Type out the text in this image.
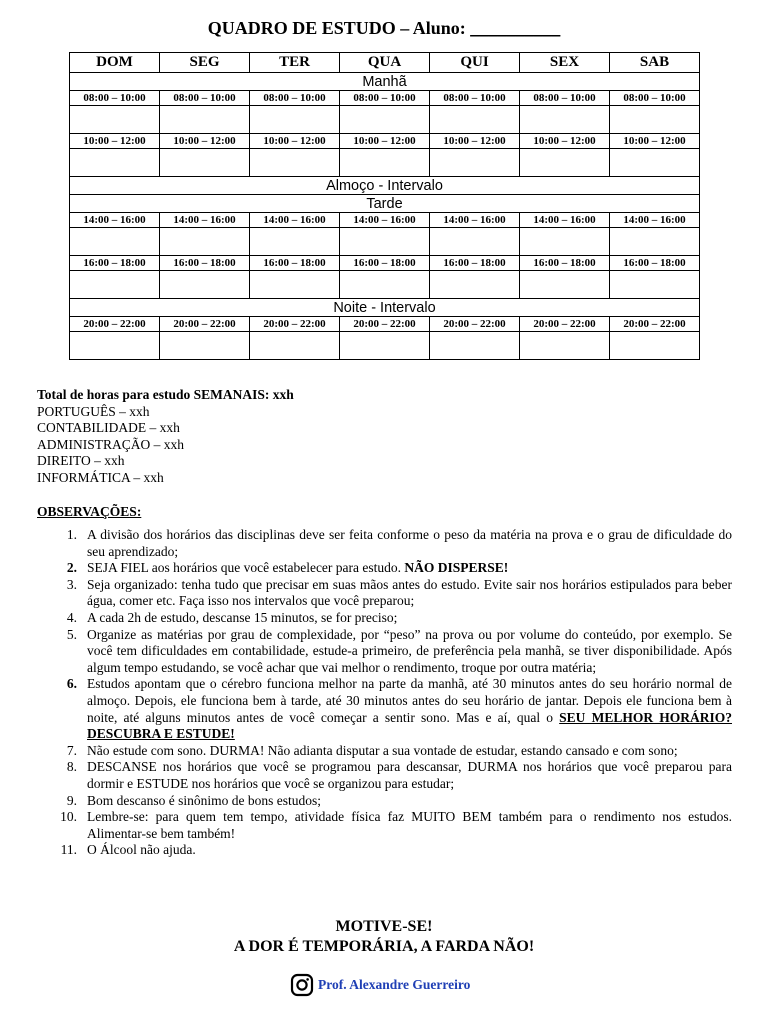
QUADRO DE ESTUDO – Aluno: __________
DOM	SEG	TER	QUA	QUI	SEX	SAB
Manhã						
08:00 – 10:00	08:00 – 10:00	08:00 – 10:00	08:00 – 10:00	08:00 – 10:00	08:00 – 10:00	08:00 – 10:00

10:00 – 12:00	10:00 – 12:00	10:00 – 12:00	10:00 – 12:00	10:00 – 12:00	10:00 – 12:00	10:00 – 12:00

Almoço - Intervalo						
Tarde						
14:00 – 16:00	14:00 – 16:00	14:00 – 16:00	14:00 – 16:00	14:00 – 16:00	14:00 – 16:00	14:00 – 16:00

16:00 – 18:00	16:00 – 18:00	16:00 – 18:00	16:00 – 18:00	16:00 – 18:00	16:00 – 18:00	16:00 – 18:00

Noite - Intervalo						
20:00 – 22:00	20:00 – 22:00	20:00 – 22:00	20:00 – 22:00	20:00 – 22:00	20:00 – 22:00	20:00 – 22:00

Total de horas para estudo SEMANAIS: xxh
PORTUGUÊS – xxh
CONTABILIDADE – xxh
ADMINISTRAÇÃO – xxh
DIREITO – xxh
INFORMÁTICA – xxh
OBSERVAÇÕES:
1. A divisão dos horários das disciplinas deve ser feita conforme o peso da matéria na prova e o grau de dificuldade do seu aprendizado;
2. SEJA FIEL aos horários que você estabelecer para estudo. NÃO DISPERSE!
3. Seja organizado: tenha tudo que precisar em suas mãos antes do estudo. Evite sair nos horários estipulados para beber água, comer etc. Faça isso nos intervalos que você preparou;
4. A cada 2h de estudo, descanse 15 minutos, se for preciso;
5. Organize as matérias por grau de complexidade, por “peso” na prova ou por volume do conteúdo, por exemplo. Se você tem dificuldades em contabilidade, estude-a primeiro, de preferência pela manhã, se tiver disponibilidade. Após algum tempo estudando, se você achar que vai melhor o rendimento, troque por outra matéria;
6. Estudos apontam que o cérebro funciona melhor na parte da manhã, até 30 minutos antes do seu horário normal de almoço. Depois, ele funciona bem à tarde, até 30 minutos antes do seu horário de jantar. Depois ele funciona bem à noite, até alguns minutos antes de você começar a sentir sono. Mas e aí, qual o SEU MELHOR HORÁRIO? DESCUBRA E ESTUDE!
7. Não estude com sono. DURMA! Não adianta disputar a sua vontade de estudar, estando cansado e com sono;
8. DESCANSE nos horários que você se programou para descansar, DURMA nos horários que você preparou para dormir e ESTUDE nos horários que você se organizou para estudar;
9. Bom descanso é sinônimo de bons estudos;
10. Lembre-se: para quem tem tempo, atividade física faz MUITO BEM também para o rendimento nos estudos. Alimentar-se bem também!
11. O Álcool não ajuda.
MOTIVE-SE!
A DOR É TEMPORÁRIA, A FARDA NÃO!
Prof. Alexandre Guerreiro
